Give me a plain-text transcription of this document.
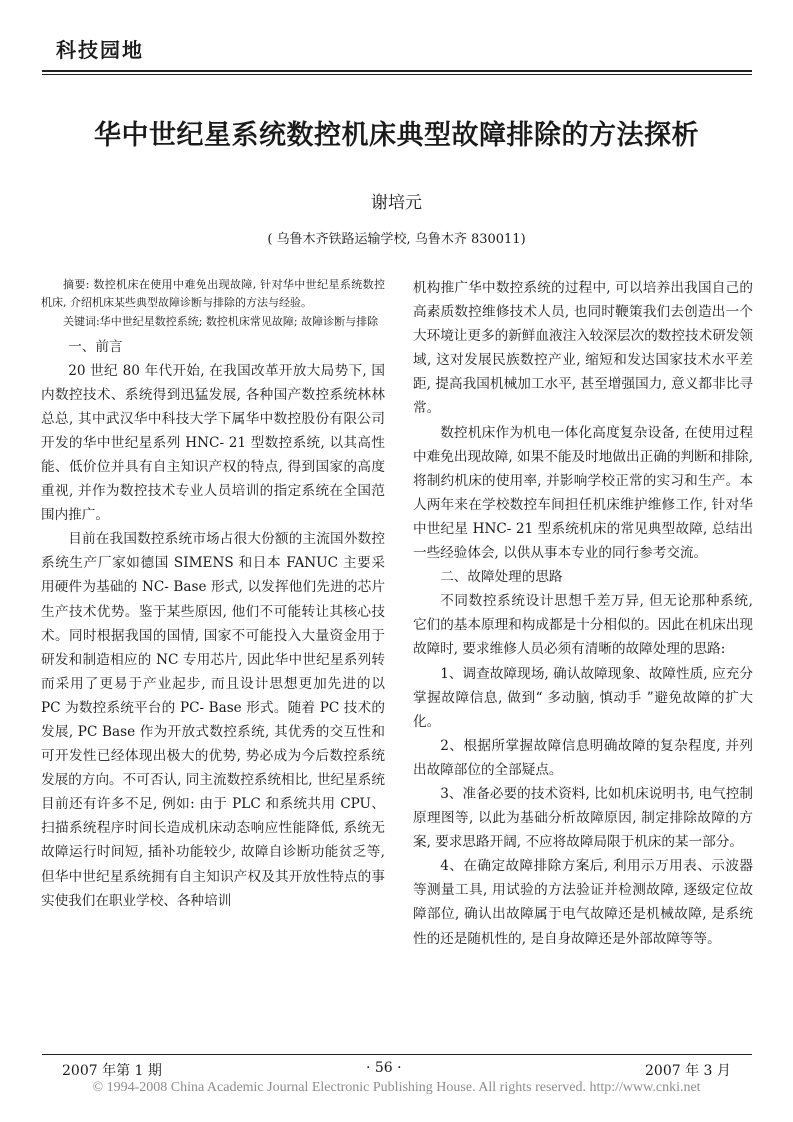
科技园地
华中世纪星系统数控机床典型故障排除的方法探析
谢培元
( 乌鲁木齐铁路运输学校, 乌鲁木齐 830011)

摘要: 数控机床在使用中难免出现故障, 针对华中世纪星系统数控机床, 介绍机床某些典型故障诊断与排除的方法与经验。

关键词:华中世纪星数控系统; 数控机床常见故障; 故障诊断与排除

一、前言

20 世纪 80 年代开始, 在我国改革开放大局势下, 国内数控技术、系统得到迅猛发展, 各种国产数控系统林林总总, 其中武汉华中科技大学下属华中数控股份有限公司开发的华中世纪星系列 HNC- 21 型数控系统, 以其高性能、低价位并具有自主知识产权的特点, 得到国家的高度重视, 并作为数控技术专业人员培训的指定系统在全国范围内推广。

目前在我国数控系统市场占很大份额的主流国外数控系统生产厂家如德国 SIMENS 和日本 FANUC 主要采用硬件为基础的 NC- Base 形式, 以发挥他们先进的芯片生产技术优势。鉴于某些原因, 他们不可能转让其核心技术。同时根据我国的国情, 国家不可能投入大量资金用于研发和制造相应的 NC 专用芯片, 因此华中世纪星系列转而采用了更易于产业起步, 而且设计思想更加先进的以 PC 为数控系统平台的 PC- Base 形式。随着 PC 技术的发展, PC Base 作为开放式数控系统, 其优秀的交互性和可开发性已经体现出极大的优势, 势必成为今后数控系统发展的方向。不可否认, 同主流数控系统相比, 世纪星系统目前还有许多不足, 例如: 由于 PLC 和系统共用 CPU、扫描系统程序时间长造成机床动态响应性能降低, 系统无故障运行时间短, 插补功能较少, 故障自诊断功能贫乏等, 但华中世纪星系统拥有自主知识产权及其开放性特点的事实使我们在职业学校、各种培训

机构推广华中数控系统的过程中, 可以培养出我国自己的高素质数控维修技术人员, 也同时鞭策我们去创造出一个大环境让更多的新鲜血液注入较深层次的数控技术研发领域, 这对发展民族数控产业, 缩短和发达国家技术水平差距, 提高我国机械加工水平, 甚至增强国力, 意义都非比寻常。

数控机床作为机电一体化高度复杂设备, 在使用过程中难免出现故障, 如果不能及时地做出正确的判断和排除, 将制约机床的使用率, 并影响学校正常的实习和生产。本人两年来在学校数控车间担任机床维护维修工作, 针对华中世纪星 HNC- 21 型系统机床的常见典型故障, 总结出一些经验体会, 以供从事本专业的同行参考交流。

二、故障处理的思路

不同数控系统设计思想千差万异, 但无论那种系统, 它们的基本原理和构成都是十分相似的。因此在机床出现故障时, 要求维修人员必须有清晰的故障处理的思路:

1、调查故障现场, 确认故障现象、故障性质, 应充分掌握故障信息, 做到“ 多动脑, 慎动手 ”避免故障的扩大化。

2、根据所掌握故障信息明确故障的复杂程度, 并列出故障部位的全部疑点。

3、准备必要的技术资料, 比如机床说明书, 电气控制原理图等, 以此为基础分析故障原因, 制定排除故障的方案, 要求思路开阔, 不应将故障局限于机床的某一部分。

4、在确定故障排除方案后, 利用示万用表、示波器等测量工具, 用试验的方法验证并检测故障, 逐级定位故障部位, 确认出故障属于电气故障还是机械故障, 是系统性的还是随机性的, 是自身故障还是外部故障等等。

2007 年第 1 期	· 56 ·	2007 年 3 月
© 1994-2008 China Academic Journal Electronic Publishing House. All rights reserved. http://www.cnki.net
